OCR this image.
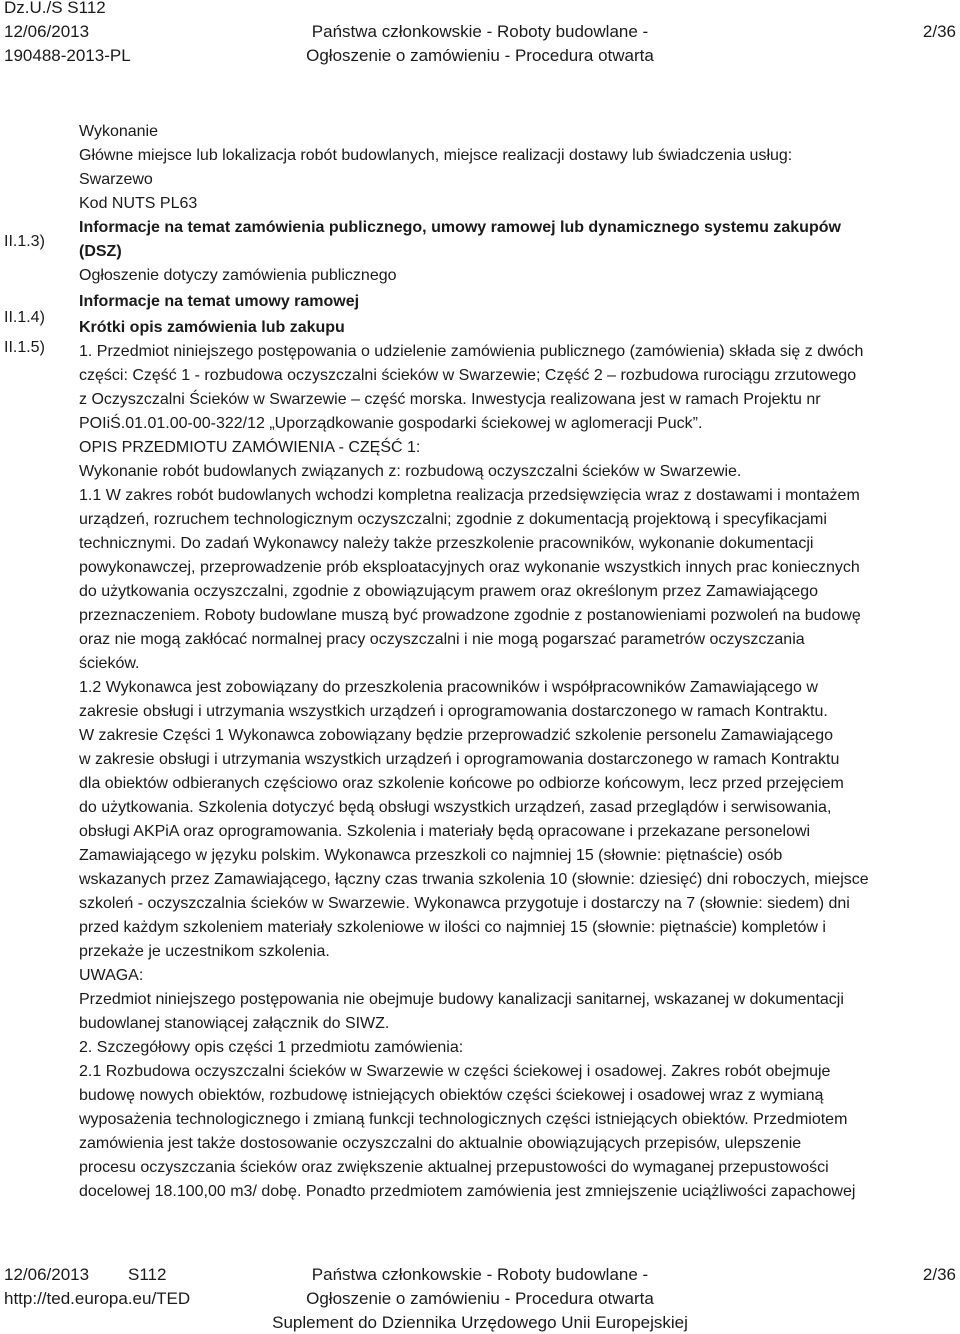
Dz.U./S S112
12/06/2013
190488-2013-PL
Państwa członkowskie - Roboty budowlane -
Ogłoszenie o zamówieniu - Procedura otwarta
2/36
II.1.3)
II.1.4)
II.1.5)

Wykonanie

Główne miejsce lub lokalizacja robót budowlanych, miejsce realizacji dostawy lub świadczenia usług:

Swarzewo

Kod NUTS PL63

Informacje na temat zamówienia publicznego, umowy ramowej lub dynamicznego systemu zakupów

(DSZ)

Ogłoszenie dotyczy zamówienia publicznego

Informacje na temat umowy ramowej

Krótki opis zamówienia lub zakupu

1. Przedmiot niniejszego postępowania o udzielenie zamówienia publicznego (zamówienia) składa się z dwóch

części: Część 1 - rozbudowa oczyszczalni ścieków w Swarzewie; Część 2 – rozbudowa rurociągu zrzutowego

z Oczyszczalni Ścieków w Swarzewie – część morska. Inwestycja realizowana jest w ramach Projektu nr

POIiŚ.01.01.00-00-322/12 „Uporządkowanie gospodarki ściekowej w aglomeracji Puck”.

OPIS PRZEDMIOTU ZAMÓWIENIA - CZĘŚĆ 1:

Wykonanie robót budowlanych związanych z: rozbudową oczyszczalni ścieków w Swarzewie.

1.1 W zakres robót budowlanych wchodzi kompletna realizacja przedsięwzięcia wraz z dostawami i montażem

urządzeń, rozruchem technologicznym oczyszczalni; zgodnie z dokumentacją projektową i specyfikacjami

technicznymi. Do zadań Wykonawcy należy także przeszkolenie pracowników, wykonanie dokumentacji

powykonawczej, przeprowadzenie prób eksploatacyjnych oraz wykonanie wszystkich innych prac koniecznych

do użytkowania oczyszczalni, zgodnie z obowiązującym prawem oraz określonym przez Zamawiającego

przeznaczeniem. Roboty budowlane muszą być prowadzone zgodnie z postanowieniami pozwoleń na budowę

oraz nie mogą zakłócać normalnej pracy oczyszczalni i nie mogą pogarszać parametrów oczyszczania

ścieków.

1.2 Wykonawca jest zobowiązany do przeszkolenia pracowników i współpracowników Zamawiającego w

zakresie obsługi i utrzymania wszystkich urządzeń i oprogramowania dostarczonego w ramach Kontraktu.

W zakresie Części 1 Wykonawca zobowiązany będzie przeprowadzić szkolenie personelu Zamawiającego

w zakresie obsługi i utrzymania wszystkich urządzeń i oprogramowania dostarczonego w ramach Kontraktu

dla obiektów odbieranych częściowo oraz szkolenie końcowe po odbiorze końcowym, lecz przed przejęciem

do użytkowania. Szkolenia dotyczyć będą obsługi wszystkich urządzeń, zasad przeglądów i serwisowania,

obsługi AKPiA oraz oprogramowania. Szkolenia i materiały będą opracowane i przekazane personelowi

Zamawiającego w języku polskim. Wykonawca przeszkoli co najmniej 15 (słownie: piętnaście) osób

wskazanych przez Zamawiającego, łączny czas trwania szkolenia 10 (słownie: dziesięć) dni roboczych, miejsce

szkoleń - oczyszczalnia ścieków w Swarzewie. Wykonawca przygotuje i dostarczy na 7 (słownie: siedem) dni

przed każdym szkoleniem materiały szkoleniowe w ilości co najmniej 15 (słownie: piętnaście) kompletów i

przekaże je uczestnikom szkolenia.

UWAGA:

Przedmiot niniejszego postępowania nie obejmuje budowy kanalizacji sanitarnej, wskazanej w dokumentacji

budowlanej stanowiącej załącznik do SIWZ.

2. Szczegółowy opis części 1 przedmiotu zamówienia:

2.1 Rozbudowa oczyszczalni ścieków w Swarzewie w części ściekowej i osadowej. Zakres robót obejmuje

budowę nowych obiektów, rozbudowę istniejących obiektów części ściekowej i osadowej wraz z wymianą

wyposażenia technologicznego i zmianą funkcji technologicznych części istniejących obiektów. Przedmiotem

zamówienia jest także dostosowanie oczyszczalni do aktualnie obowiązujących przepisów, ulepszenie

procesu oczyszczania ścieków oraz zwiększenie aktualnej przepustowości do wymaganej przepustowości

docelowej 18.100,00 m3/ dobę. Ponadto przedmiotem zamówienia jest zmniejszenie uciążliwości zapachowej

12/06/2013 S112
http://ted.europa.eu/TED
Państwa członkowskie - Roboty budowlane -
Ogłoszenie o zamówieniu - Procedura otwarta
Suplement do Dziennika Urzędowego Unii Europejskiej
2/36
